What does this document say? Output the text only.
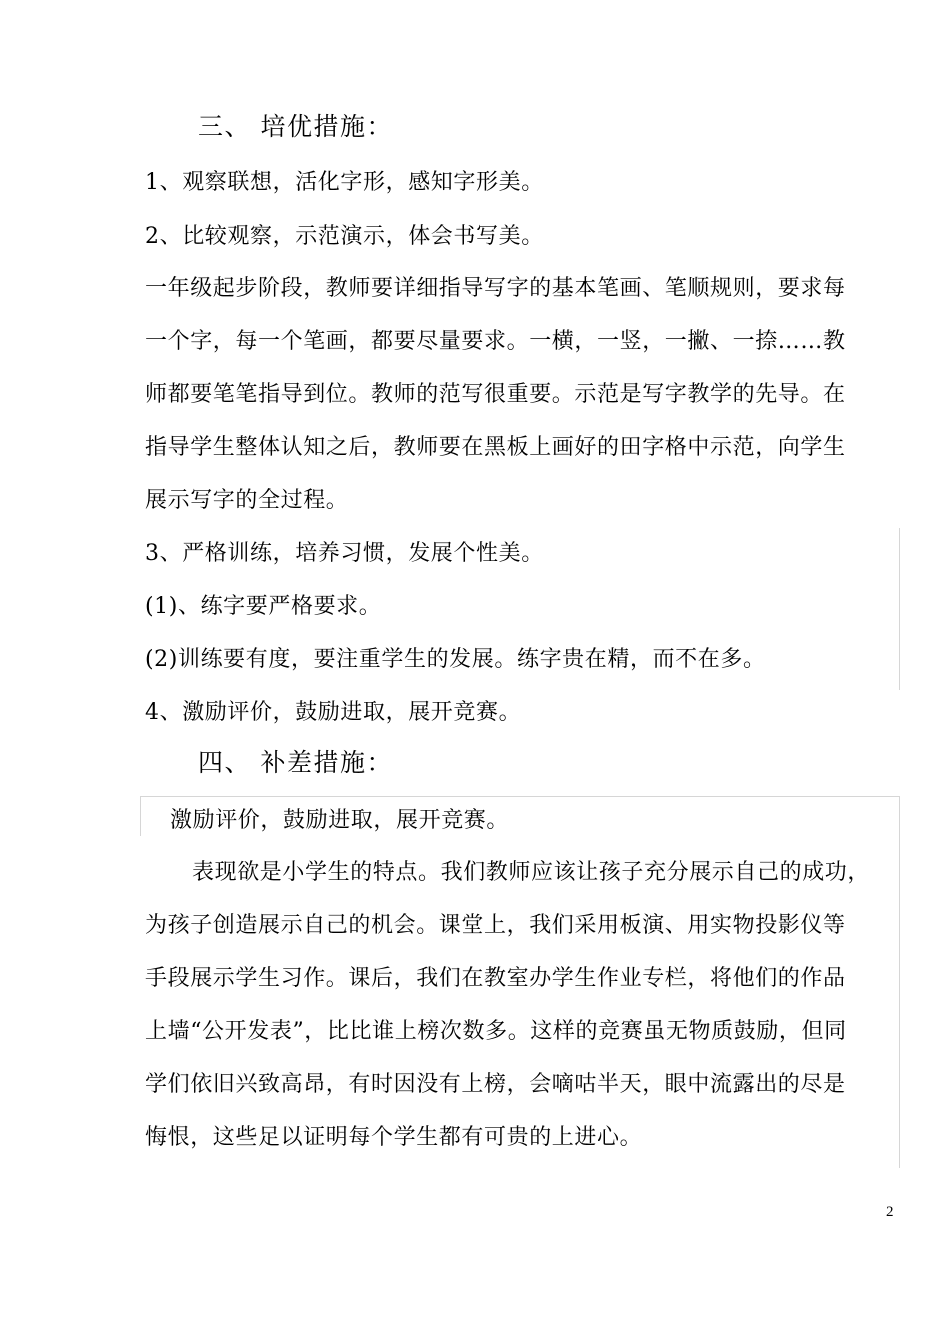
三、 培优措施：
1、观察联想，活化字形，感知字形美。
2、比较观察，示范演示，体会书写美。
一年级起步阶段，教师要详细指导写字的基本笔画、笔顺规则，要求每
一个字，每一个笔画，都要尽量要求。一横，一竖，一撇、一捺……教
师都要笔笔指导到位。教师的范写很重要。示范是写字教学的先导。在
指导学生整体认知之后，教师要在黑板上画好的田字格中示范，向学生
展示写字的全过程。
3、严格训练，培养习惯，发展个性美。
(1)、练字要严格要求。
(2)训练要有度，要注重学生的发展。练字贵在精，而不在多。
4、激励评价，鼓励进取，展开竞赛。
四、 补差措施：
激励评价，鼓励进取，展开竞赛。
表现欲是小学生的特点。我们教师应该让孩子充分展示自己的成功，
为孩子创造展示自己的机会。课堂上，我们采用板演、用实物投影仪等
手段展示学生习作。课后，我们在教室办学生作业专栏，将他们的作品
上墙“公开发表”，比比谁上榜次数多。这样的竞赛虽无物质鼓励，但同
学们依旧兴致高昂，有时因没有上榜，会嘀咕半天，眼中流露出的尽是
悔恨，这些足以证明每个学生都有可贵的上进心。
2
